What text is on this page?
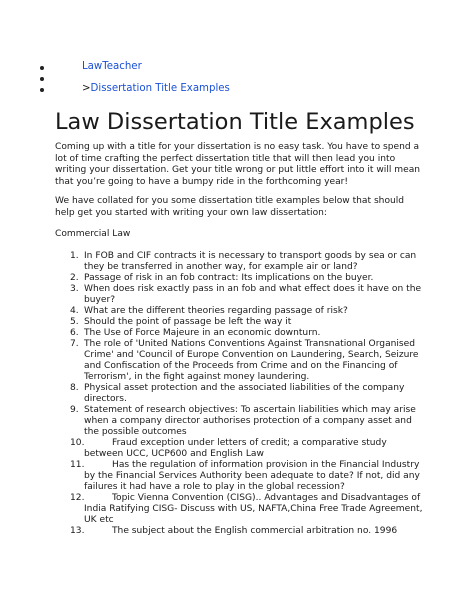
LawTeacher
>Dissertation Title Examples
Law Dissertation Title Examples

Coming up with a title for your dissertation is no easy task. You have to spend a lot of time crafting the perfect dissertation title that will then lead you into writing your dissertation. Get your title wrong or put little effort into it will mean that you’re going to have a bumpy ride in the forthcoming year!

We have collated for you some dissertation title examples below that should help get you started with writing your own law dissertation:

Commercial Law

1. In FOB and CIF contracts it is necessary to transport goods by sea or can they be transferred in another way, for example air or land?
2. Passage of risk in an fob contract: Its implications on the buyer.
3. When does risk exactly pass in an fob and what effect does it have on the buyer?
4. What are the different theories regarding passage of risk?
5. Should the point of passage be left the way it
6. The Use of Force Majeure in an economic downturn.
7. The role of 'United Nations Conventions Against Transnational Organised Crime' and 'Council of Europe Convention on Laundering, Search, Seizure and Confiscation of the Proceeds from Crime and on the Financing of Terrorism', in the fight against money laundering.
8. Physical asset protection and the associated liabilities of the company directors.
9. Statement of research objectives: To ascertain liabilities which may arise when a company director authorises protection of a company asset and the possible outcomes
10.	Fraud exception under letters of credit; a comparative study between UCC, UCP600 and English Law
11.	Has the regulation of information provision in the Financial Industry by the Financial Services Authority been adequate to date? If not, did any failures it had have a role to play in the global recession?
12.	Topic Vienna Convention (CISG).. Advantages and Disadvantages of India Ratifying CISG- Discuss with US, NAFTA,China Free Trade Agreement, UK etc
13.	The subject about the English commercial arbitration no. 1996
